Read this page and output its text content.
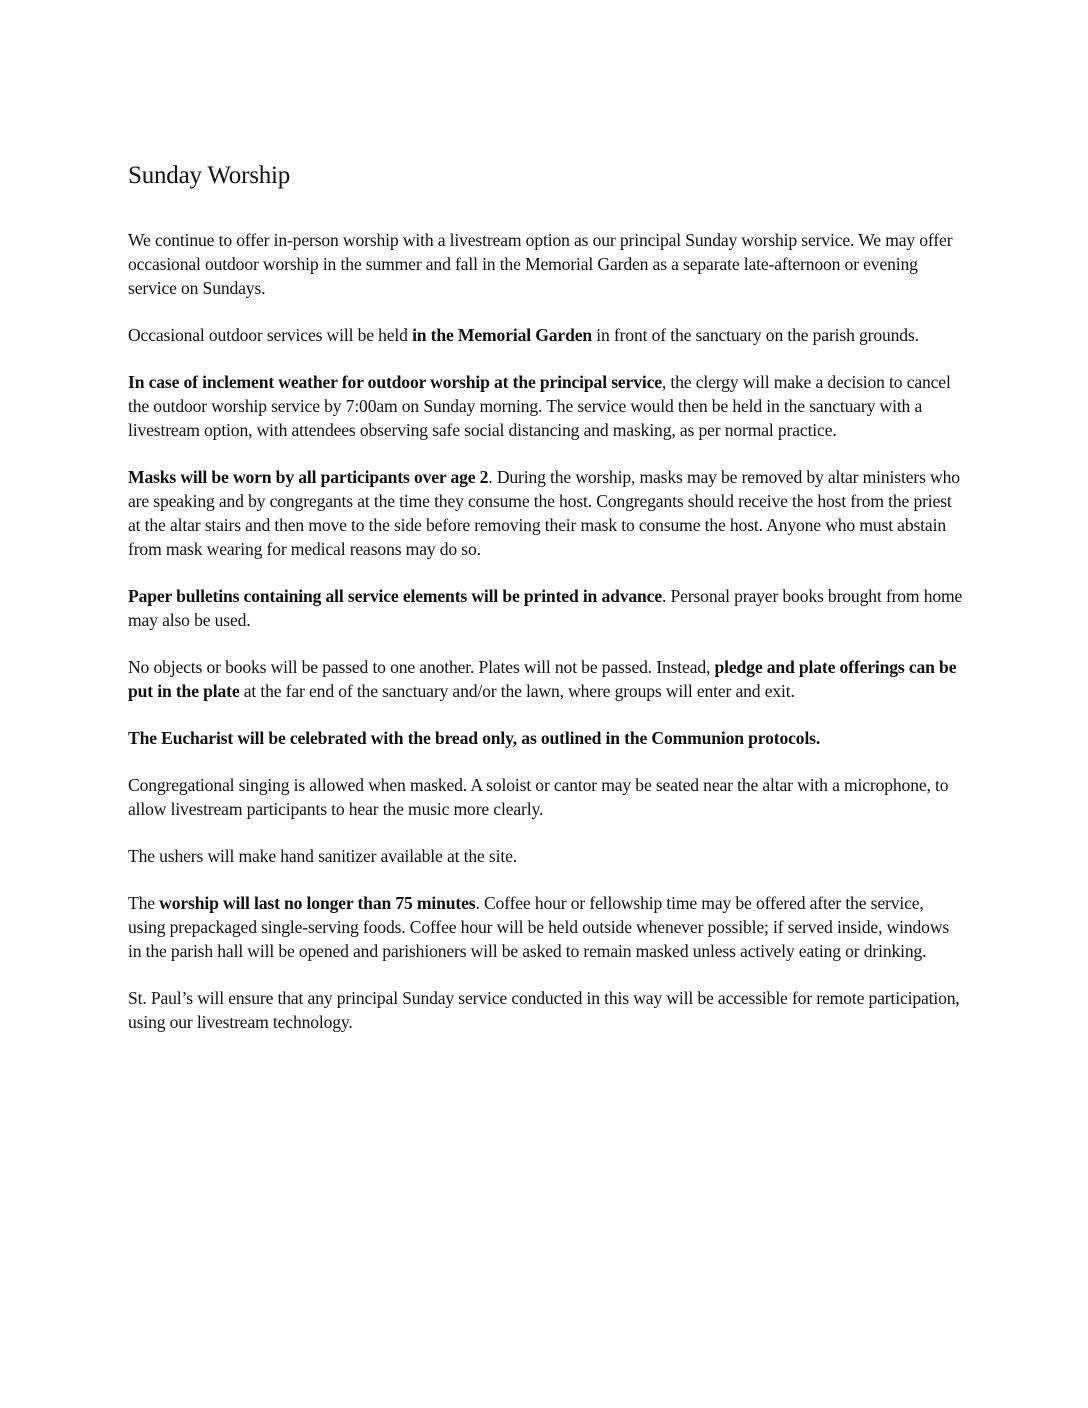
Sunday Worship

We continue to offer in-person worship with a livestream option as our principal Sunday worship service. We may offer occasional outdoor worship in the summer and fall in the Memorial Garden as a separate late-afternoon or evening service on Sundays.

Occasional outdoor services will be held in the Memorial Garden in front of the sanctuary on the parish grounds.

In case of inclement weather for outdoor worship at the principal service, the clergy will make a decision to cancel the outdoor worship service by 7:00am on Sunday morning. The service would then be held in the sanctuary with a livestream option, with attendees observing safe social distancing and masking, as per normal practice.

Masks will be worn by all participants over age 2. During the worship, masks may be removed by altar ministers who are speaking and by congregants at the time they consume the host. Congregants should receive the host from the priest at the altar stairs and then move to the side before removing their mask to consume the host. Anyone who must abstain from mask wearing for medical reasons may do so.

Paper bulletins containing all service elements will be printed in advance. Personal prayer books brought from home may also be used.

No objects or books will be passed to one another. Plates will not be passed. Instead, pledge and plate offerings can be put in the plate at the far end of the sanctuary and/or the lawn, where groups will enter and exit.

The Eucharist will be celebrated with the bread only, as outlined in the Communion protocols.

Congregational singing is allowed when masked. A soloist or cantor may be seated near the altar with a microphone, to allow livestream participants to hear the music more clearly.

The ushers will make hand sanitizer available at the site.

The worship will last no longer than 75 minutes. Coffee hour or fellowship time may be offered after the service, using prepackaged single-serving foods. Coffee hour will be held outside whenever possible; if served inside, windows in the parish hall will be opened and parishioners will be asked to remain masked unless actively eating or drinking.

St. Paul’s will ensure that any principal Sunday service conducted in this way will be accessible for remote participation, using our livestream technology.
